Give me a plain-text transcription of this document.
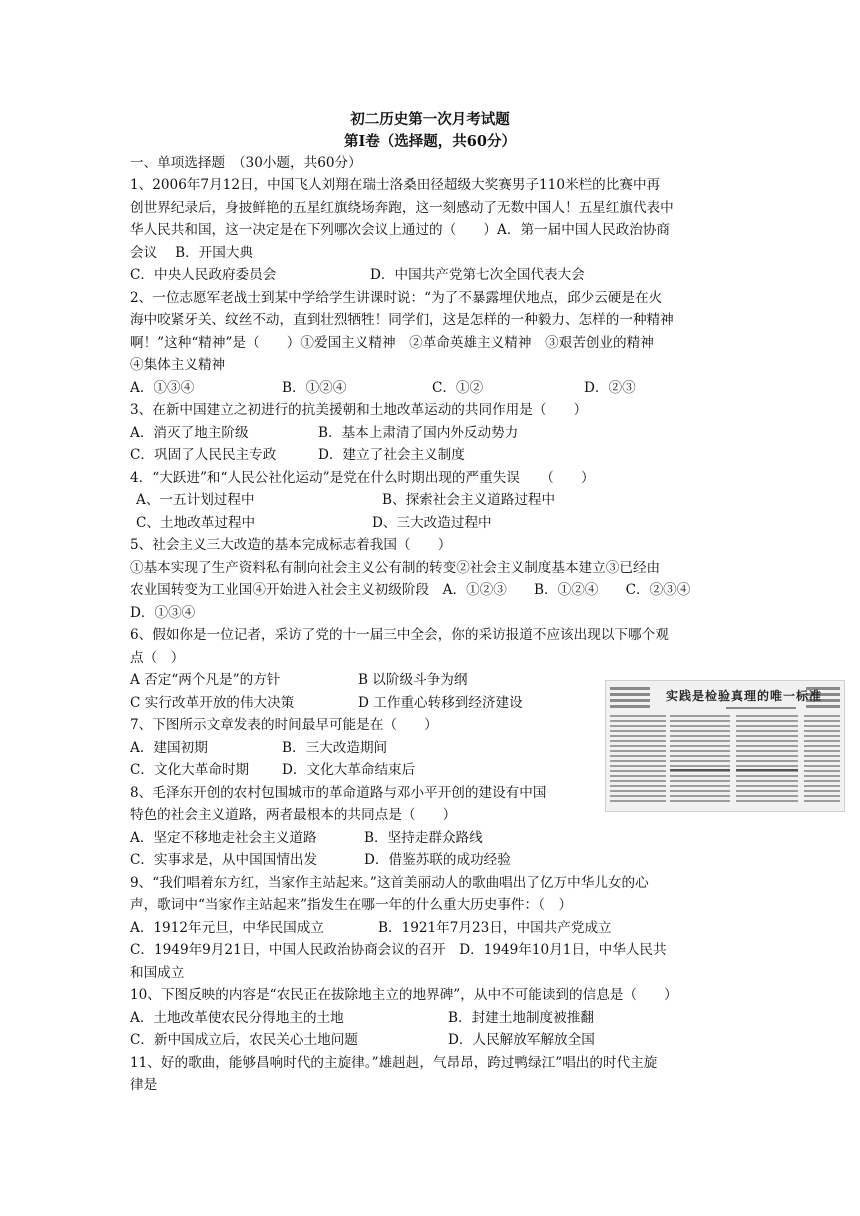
初二历史第一次月考试题
第Ⅰ卷（选择题，共60分）
一、单项选择题　（30小题，共60分）
1、2006年7月12日，中国飞人刘翔在瑞士洛桑田径超级大奖赛男子110米栏的比赛中再
创世界纪录后，身披鲜艳的五星红旗绕场奔跑，这一刻感动了无数中国人！五星红旗代表中
华人民共和国，这一决定是在下列哪次会议上通过的（　　）A．第一届中国人民政治协商
会议　 B．开国大典
C．中央人民政府委员会	D．中国共产党第七次全国代表大会
2、一位志愿军老战士到某中学给学生讲课时说：“为了不暴露埋伏地点，邱少云硬是在火
海中咬紧牙关、纹丝不动，直到壮烈牺牲！同学们，这是怎样的一种毅力、怎样的一种精神
啊！”这种“精神”是（　　）①爱国主义精神　②革命英雄主义精神　③艰苦创业的精神
④集体主义精神
A．①③④	B．①②④	C．①②	D．②③
3、在新中国建立之初进行的抗美援朝和土地改革运动的共同作用是（　　）
A．消灭了地主阶级	B．基本上肃清了国内外反动势力
C．巩固了人民民主专政	D．建立了社会主义制度
4．“大跃进”和“人民公社化运动”是党在什么时期出现的严重失误　　（　　）
A、一五计划过程中	B、探索社会主义道路过程中
C、土地改革过程中	D、三大改造过程中
5、社会主义三大改造的基本完成标志着我国（　　）
①基本实现了生产资料私有制向社会主义公有制的转变②社会主义制度基本建立③已经由
农业国转变为工业国④开始进入社会主义初级阶段　A．①②③　　B．①②④　　C．②③④
D．①③④
6、假如你是一位记者，采访了党的十一届三中全会，你的采访报道不应该出现以下哪个观
点（　）
A 否定“两个凡是”的方针	B 以阶级斗争为纲
C 实行改革开放的伟大决策	D 工作重心转移到经济建设
7、下图所示文章发表的时间最早可能是在（　　）
A．建国初期	B．三大改造期间
C．文化大革命时期 D．文化大革命结束后
8、毛泽东开创的农村包围城市的革命道路与邓小平开创的建设有中国
特色的社会主义道路，两者最根本的共同点是（　　）
A．坚定不移地走社会主义道路	B．坚持走群众路线
C．实事求是，从中国国情出发	D．借鉴苏联的成功经验
9、“我们唱着东方红，当家作主站起来。”这首美丽动人的歌曲唱出了亿万中华儿女的心
声，歌词中“当家作主站起来”指发生在哪一年的什么重大历史事件：（　）
A．1912年元旦，中华民国成立	B．1921年7月23日，中国共产党成立
C．1949年9月21日，中国人民政治协商会议的召开　D．1949年10月1日，中华人民共
和国成立
10、下图反映的内容是“农民正在拔除地主立的地界碑”，从中不可能读到的信息是（　　）
A．土地改革使农民分得地主的土地	B．封建土地制度被推翻
C．新中国成立后，农民关心土地问题	D．人民解放军解放全国
11、好的歌曲，能够昌响时代的主旋律。”雄赳赳，气昂昂，跨过鸭绿江”唱出的时代主旋
律是
实践是检验真理的唯一标准
